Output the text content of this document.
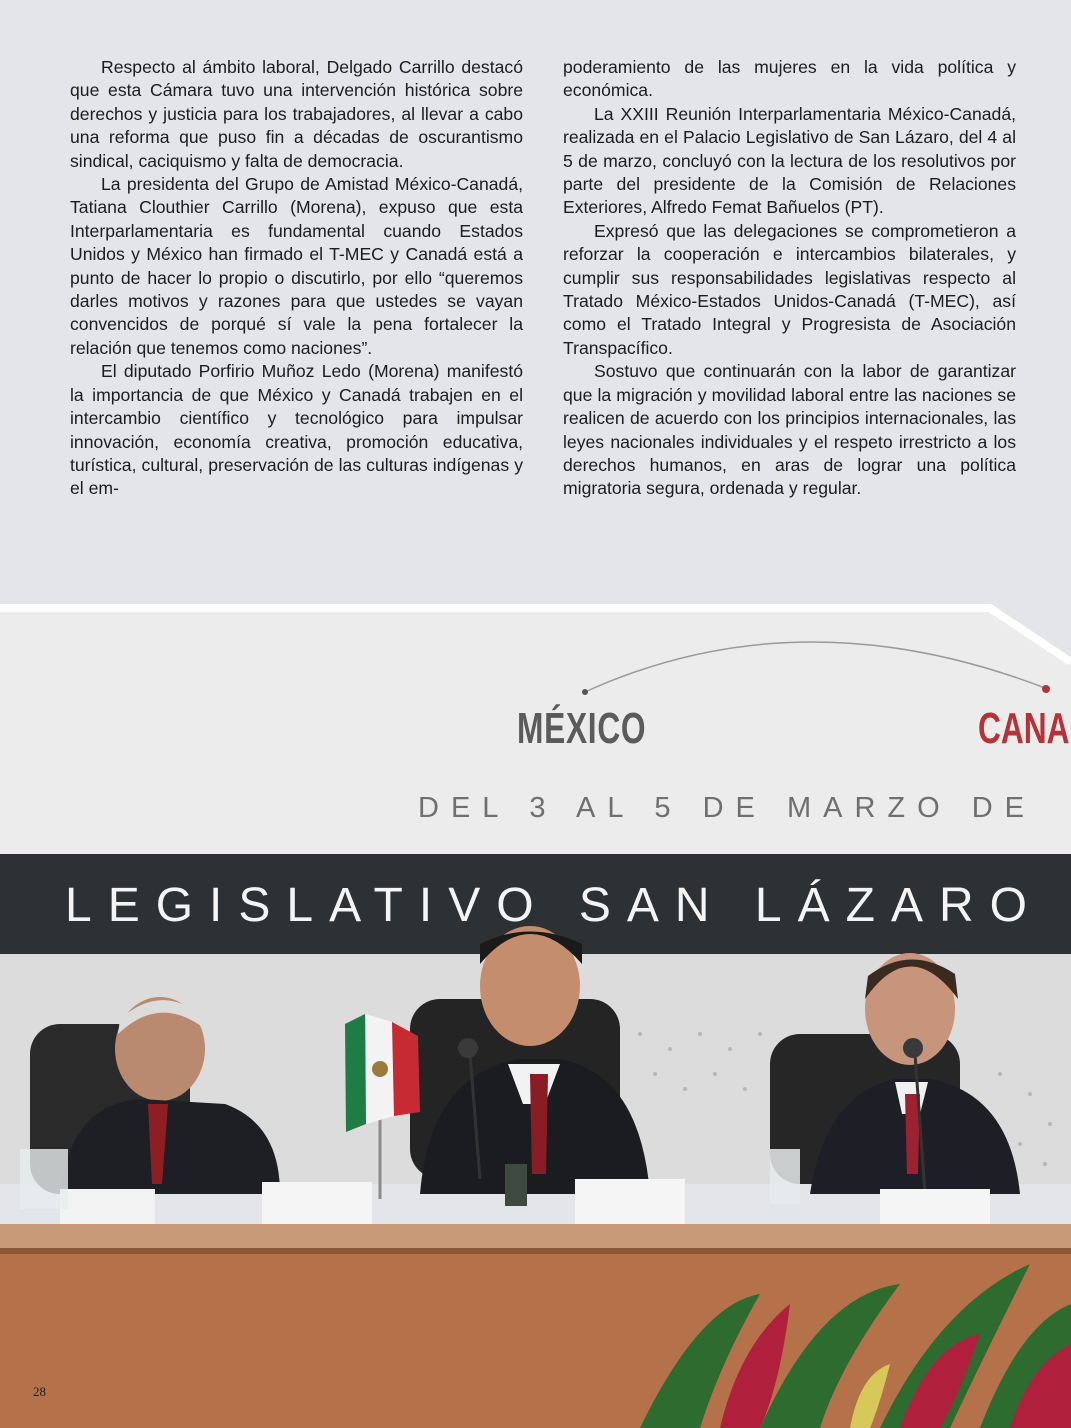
Respecto al ámbito laboral, Delgado Carrillo destacó que esta Cámara tuvo una intervención histórica sobre derechos y justicia para los trabajadores, al llevar a cabo una reforma que puso fin a décadas de oscurantismo sindical, caciquismo y falta de democracia.

La presidenta del Grupo de Amistad México-Canadá, Tatiana Clouthier Carrillo (Morena), expuso que esta Interparlamentaria es fundamental cuando Estados Unidos y México han firmado el T-MEC y Canadá está a punto de hacer lo propio o discutirlo, por ello “queremos darles motivos y razones para que ustedes se vayan convencidos de porqué sí vale la pena fortalecer la relación que tenemos como naciones”.

El diputado Porfirio Muñoz Ledo (Morena) manifestó la importancia de que México y Canadá trabajen en el intercambio científico y tecnológico para impulsar innovación, economía creativa, promoción educativa, turística, cultural, preservación de las culturas indígenas y el em-

poderamiento de las mujeres en la vida política y económica.

La XXIII Reunión Interparlamentaria México-Canadá, realizada en el Palacio Legislativo de San Lázaro, del 4 al 5 de marzo, concluyó con la lectura de los resolutivos por parte del presidente de la Comisión de Relaciones Exteriores, Alfredo Femat Bañuelos (PT).

Expresó que las delegaciones se comprometieron a reforzar la cooperación e intercambios bilaterales, y cumplir sus responsabilidades legislativas respecto al Tratado México-Estados Unidos-Canadá (T-MEC), así como el Tratado Integral y Progresista de Asociación Transpacífico.

Sostuvo que continuarán con la labor de garantizar que la migración y movilidad laboral entre las naciones se realicen de acuerdo con los principios internacionales, las leyes nacionales individuales y el respeto irrestricto a los derechos humanos, en aras de lograr una política migratoria segura, ordenada y regular.

MÉXICO	CANA
DEL 3 AL 5 DE MARZO DE
LEGISLATIVO SAN LÁZARO
28
